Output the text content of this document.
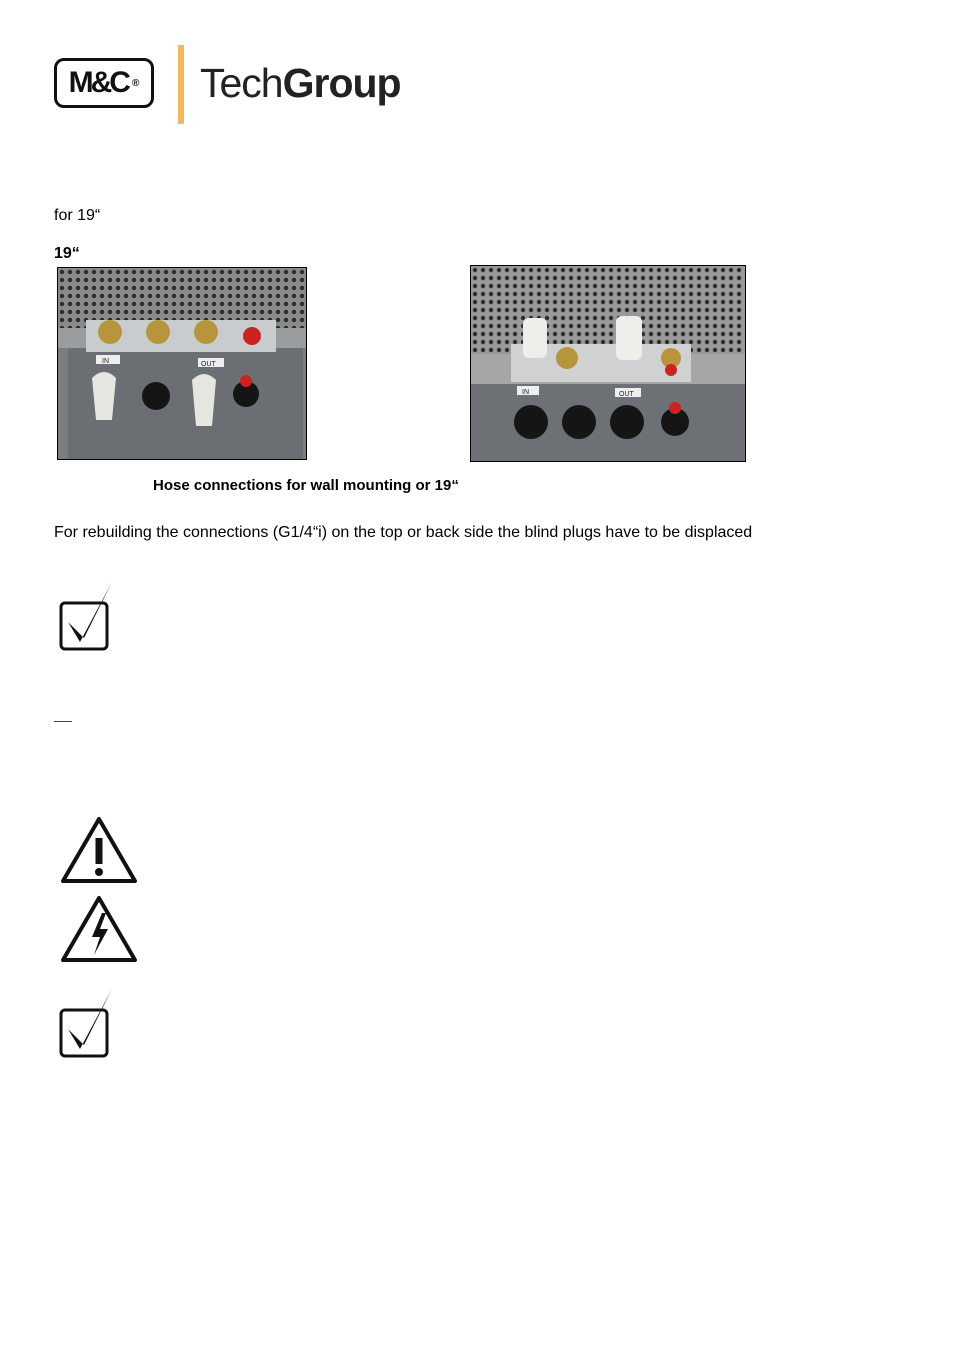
M&C ® TechGroup
for 19“
19“
IN	OUT
IN	OUT
Hose connections for wall mounting or 19“
For rebuilding the connections (G1/4“i) on the top or back side the blind plugs have to be displaced
